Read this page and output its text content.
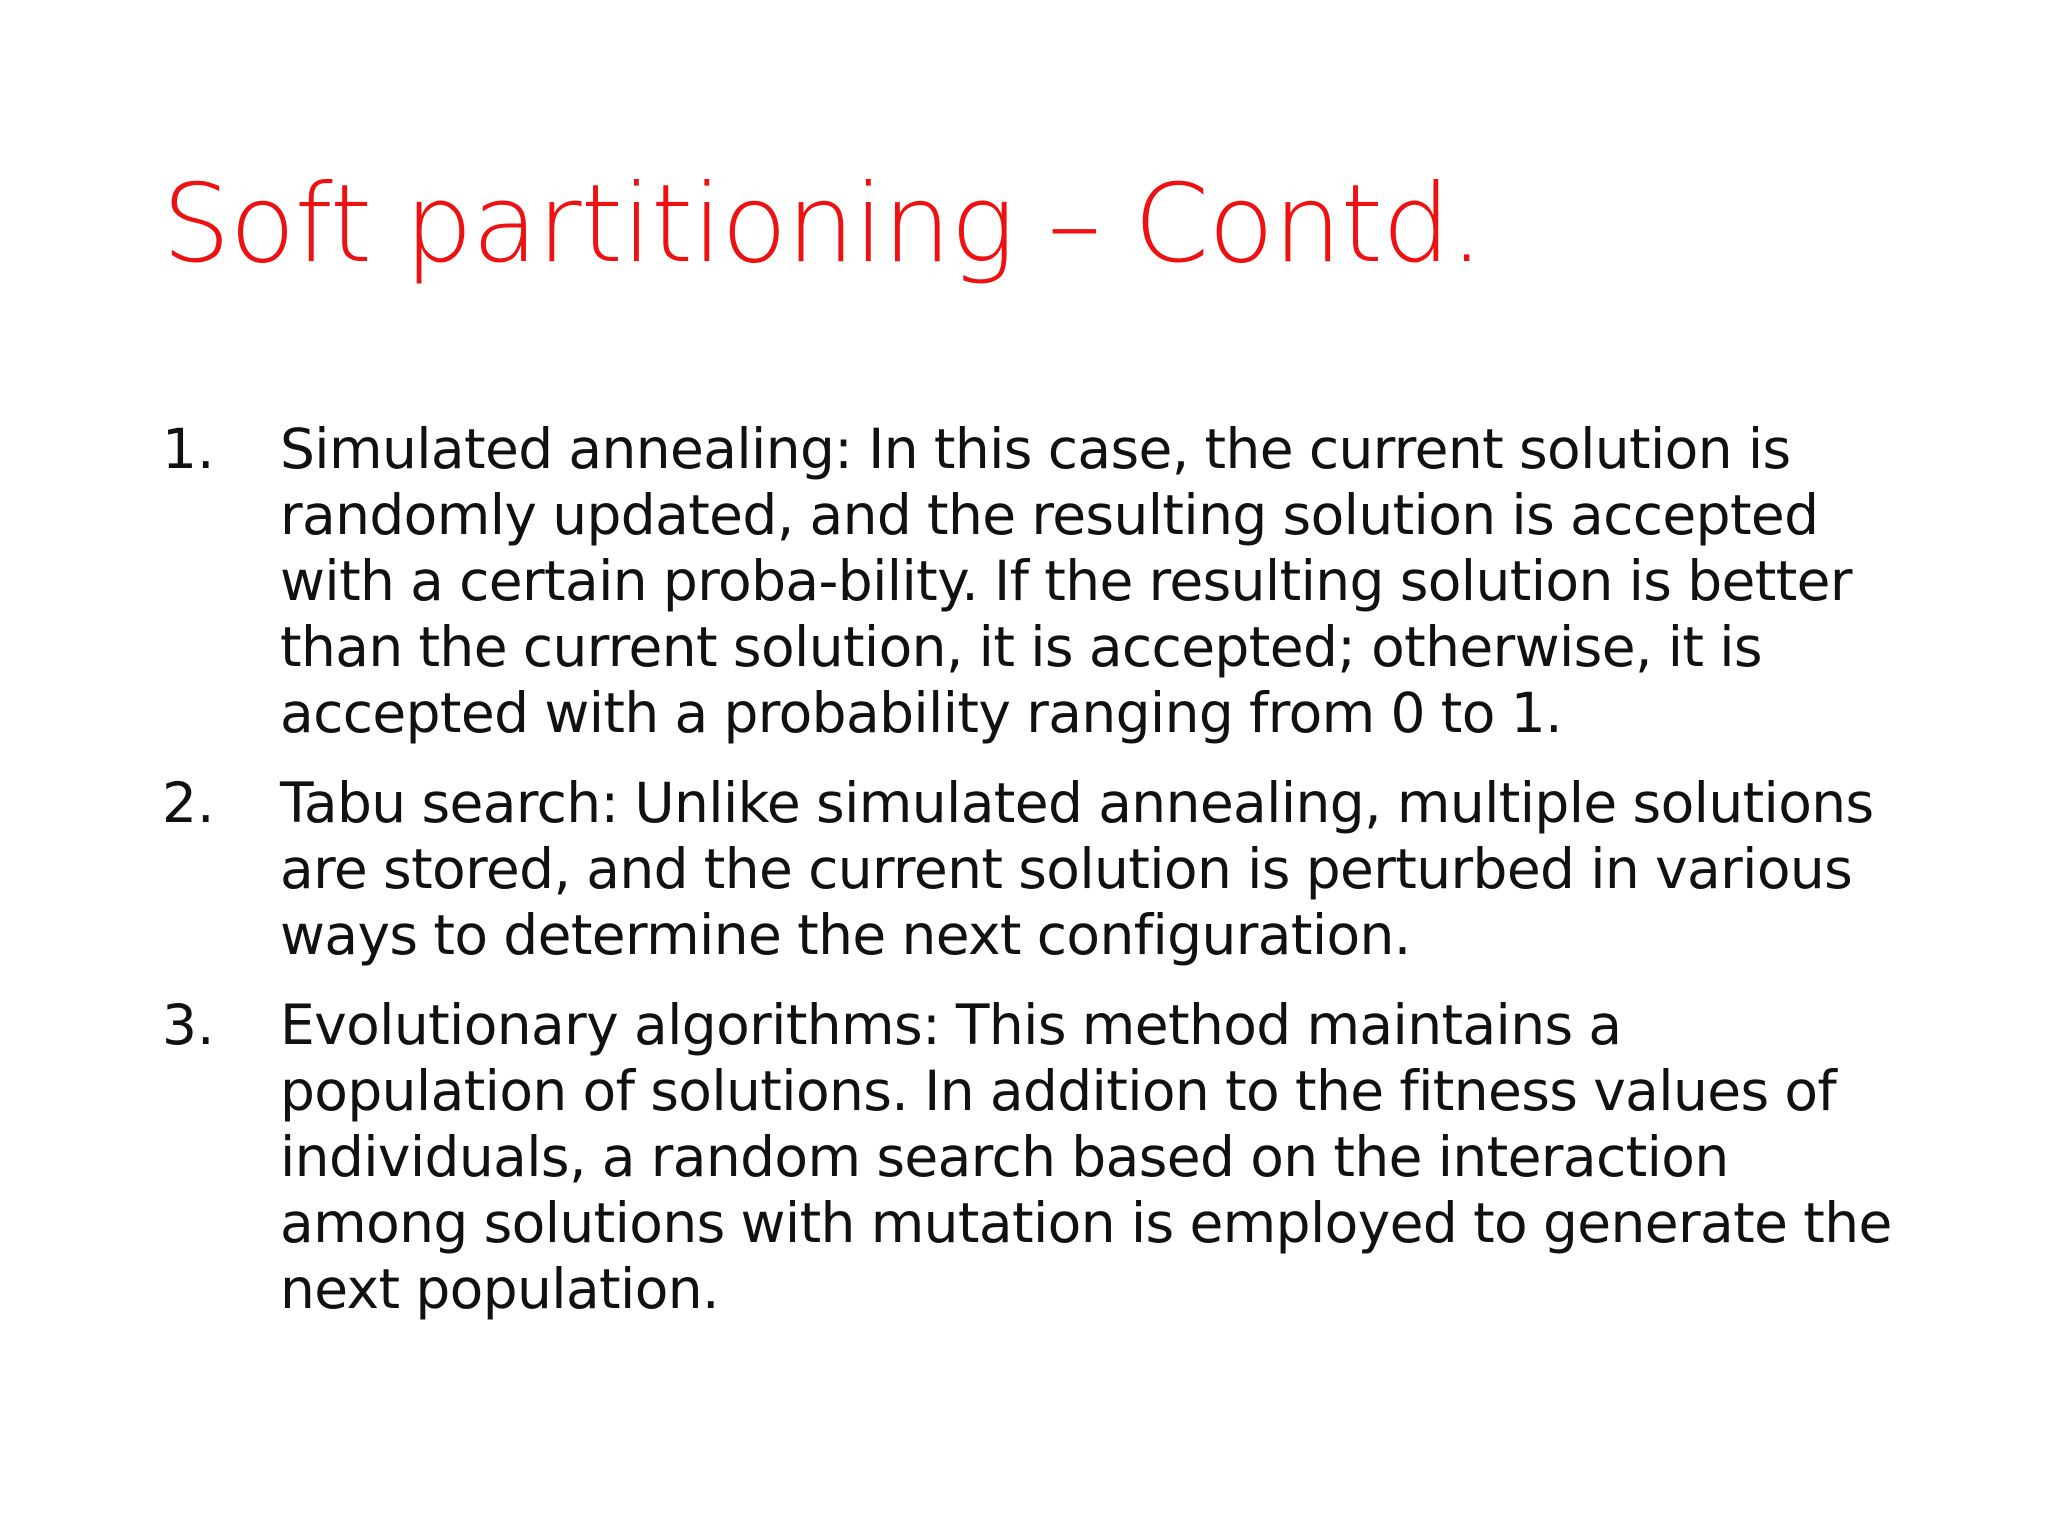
Soft partitioning – Contd.
1.	Simulated annealing: In this case, the current solution is randomly updated, and the resulting solution is accepted with a certain proba-bility. If the resulting solution is better than the current solution, it is accepted; otherwise, it is accepted with a probability ranging from 0 to 1.
2.	Tabu search: Unlike simulated annealing, multiple solutions are stored, and the current solution is perturbed in various ways to determine the next configuration.
3.	Evolutionary algorithms: This method maintains a population of solutions. In addition to the fitness values of individuals, a random search based on the interaction among solutions with mutation is employed to generate the next population.
